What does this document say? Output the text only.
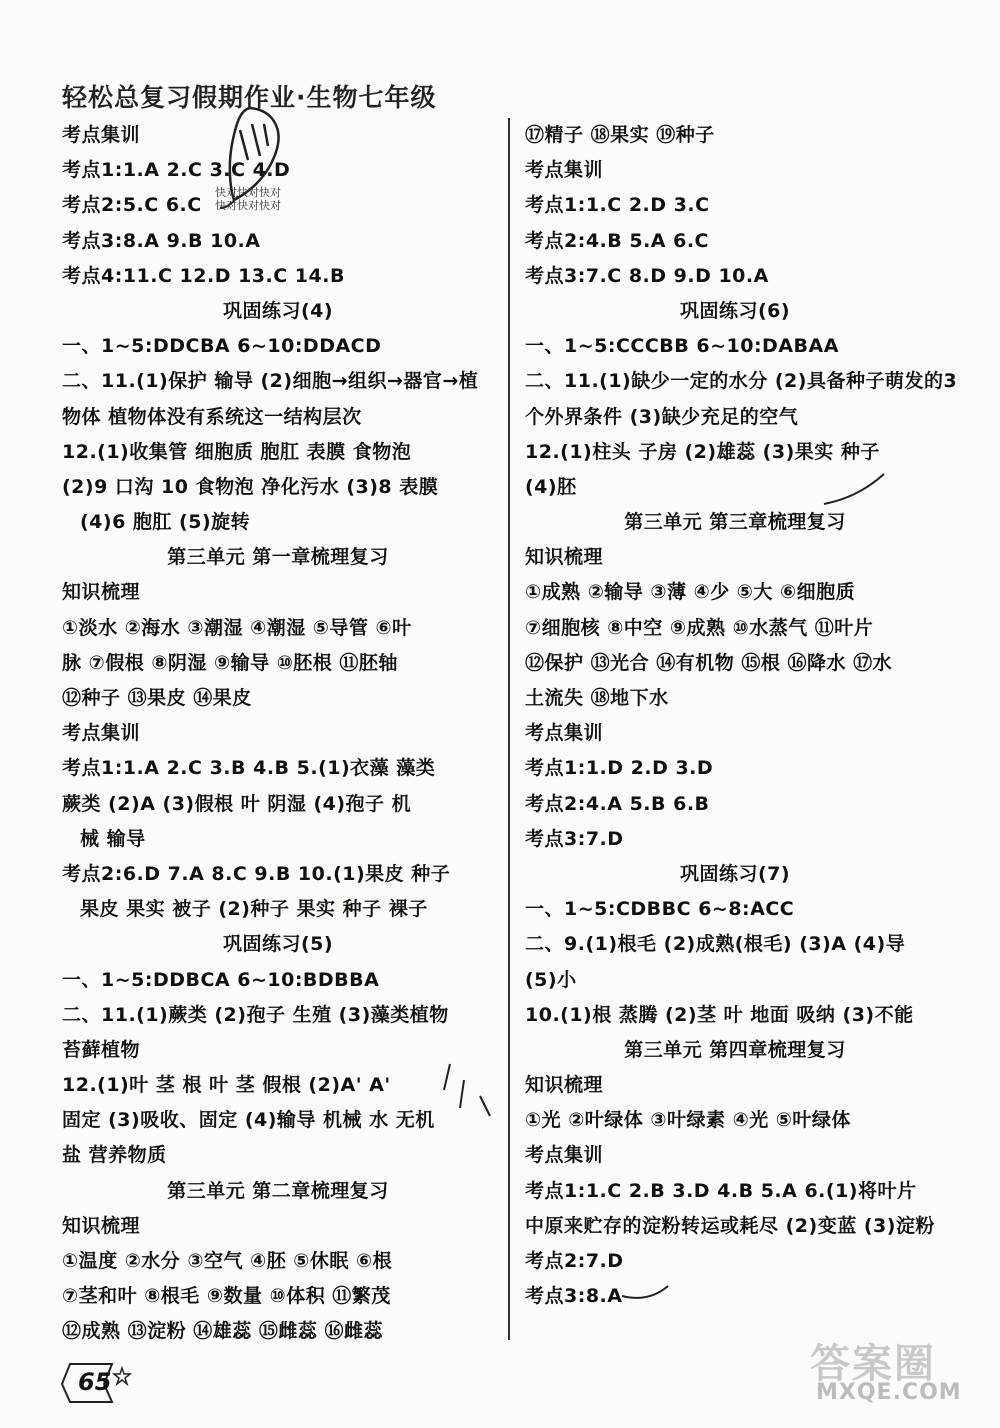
轻松总复习假期作业·生物七年级
快对快对快对
快对快对快对
考点集训
考点1:1.A 2.C 3.C 4.D
考点2:5.C 6.C
考点3:8.A 9.B 10.A
考点4:11.C 12.D 13.C 14.B
巩固练习(4)
一、1~5:DDCBA 6~10:DDACD
二、11.(1)保护 输导 (2)细胞→组织→器官→植
物体 植物体没有系统这一结构层次
12.(1)收集管 细胞质 胞肛 表膜 食物泡
(2)9 口沟 10 食物泡 净化污水 (3)8 表膜
(4)6 胞肛 (5)旋转
第三单元 第一章梳理复习
知识梳理
①淡水 ②海水 ③潮湿 ④潮湿 ⑤导管 ⑥叶
脉 ⑦假根 ⑧阴湿 ⑨输导 ⑩胚根 ⑪胚轴
⑫种子 ⑬果皮 ⑭果皮
考点集训
考点1:1.A 2.C 3.B 4.B 5.(1)衣藻 藻类
蕨类 (2)A (3)假根 叶 阴湿 (4)孢子 机
械 输导
考点2:6.D 7.A 8.C 9.B 10.(1)果皮 种子
果皮 果实 被子 (2)种子 果实 种子 裸子
巩固练习(5)
一、1~5:DDBCA 6~10:BDBBA
二、11.(1)蕨类 (2)孢子 生殖 (3)藻类植物
苔藓植物
12.(1)叶 茎 根 叶 茎 假根 (2)A' A'
固定 (3)吸收、固定 (4)输导 机械 水 无机
盐 营养物质
第三单元 第二章梳理复习
知识梳理
①温度 ②水分 ③空气 ④胚 ⑤休眠 ⑥根
⑦茎和叶 ⑧根毛 ⑨数量 ⑩体积 ⑪繁茂
⑫成熟 ⑬淀粉 ⑭雄蕊 ⑮雌蕊 ⑯雌蕊
⑰精子 ⑱果实 ⑲种子
考点集训
考点1:1.C 2.D 3.C
考点2:4.B 5.A 6.C
考点3:7.C 8.D 9.D 10.A
巩固练习(6)
一、1~5:CCCBB 6~10:DABAA
二、11.(1)缺少一定的水分 (2)具备种子萌发的3
个外界条件 (3)缺少充足的空气
12.(1)柱头 子房 (2)雄蕊 (3)果实 种子
(4)胚
第三单元 第三章梳理复习
知识梳理
①成熟 ②输导 ③薄 ④少 ⑤大 ⑥细胞质
⑦细胞核 ⑧中空 ⑨成熟 ⑩水蒸气 ⑪叶片
⑫保护 ⑬光合 ⑭有机物 ⑮根 ⑯降水 ⑰水
土流失 ⑱地下水
考点集训
考点1:1.D 2.D 3.D
考点2:4.A 5.B 6.B
考点3:7.D
巩固练习(7)
一、1~5:CDBBC 6~8:ACC
二、9.(1)根毛 (2)成熟(根毛) (3)A (4)导
(5)小
10.(1)根 蒸腾 (2)茎 叶 地面 吸纳 (3)不能
第三单元 第四章梳理复习
知识梳理
①光 ②叶绿体 ③叶绿素 ④光 ⑤叶绿体
考点集训
考点1:1.C 2.B 3.D 4.B 5.A 6.(1)将叶片
中原来贮存的淀粉转运或耗尽 (2)变蓝 (3)淀粉
考点2:7.D
考点3:8.A
65	答案圈
MXQE.COM
